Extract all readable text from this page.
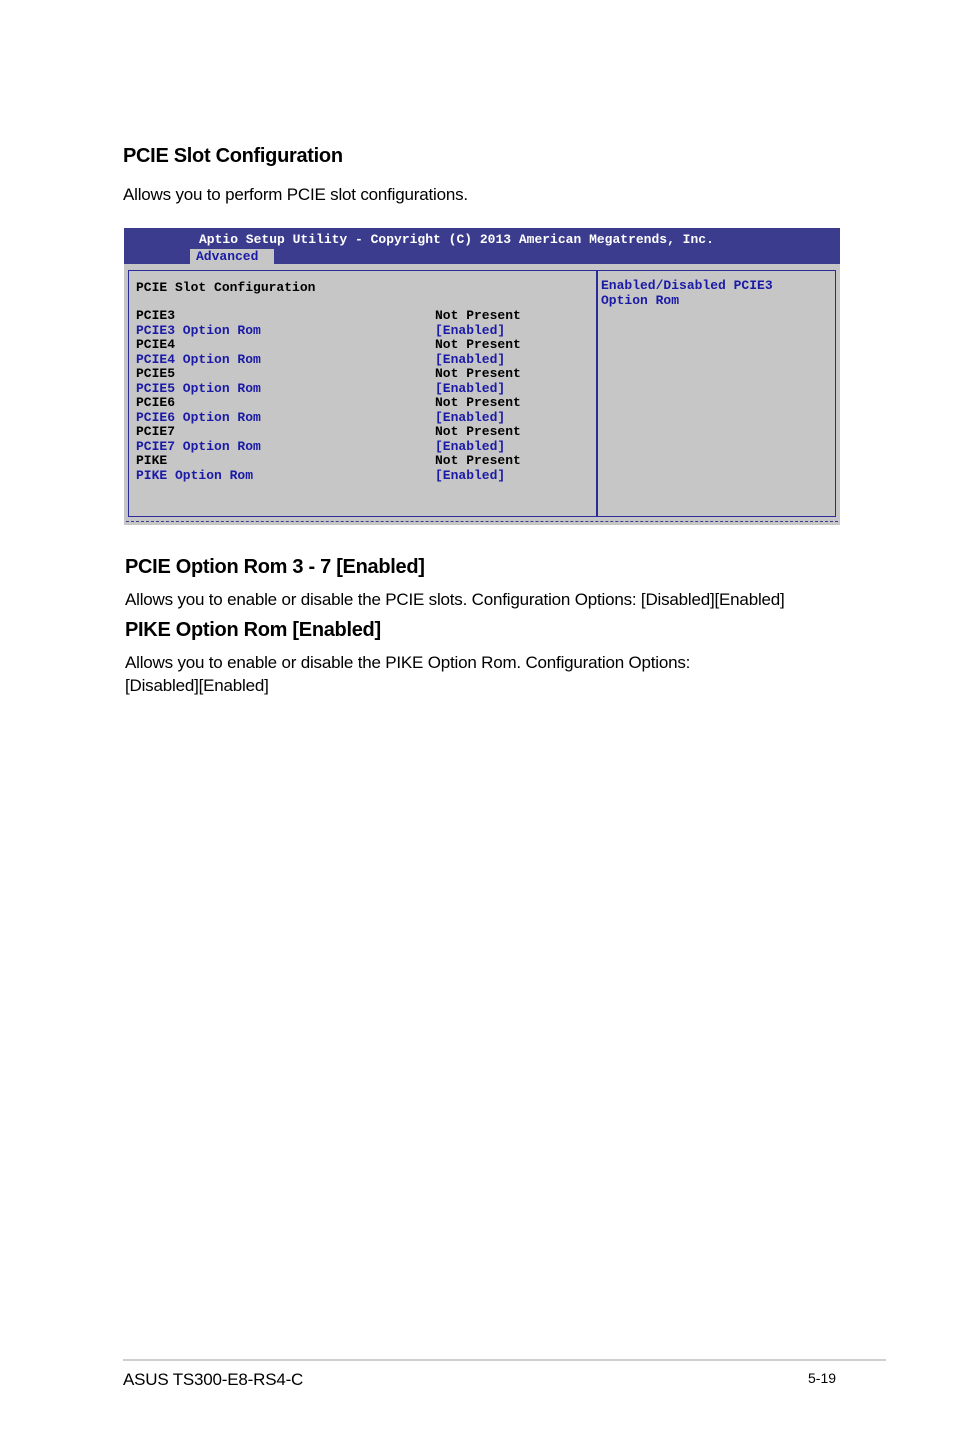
PCIE Slot Configuration
Allows you to perform PCIE slot configurations.
Aptio Setup Utility - Copyright (C) 2013 American Megatrends, Inc.
Advanced
PCIE Slot Configuration
PCIE3	Not Present
PCIE3 Option Rom	[Enabled]
PCIE4	Not Present
PCIE4 Option Rom	[Enabled]
PCIE5	Not Present
PCIE5 Option Rom	[Enabled]
PCIE6	Not Present
PCIE6 Option Rom	[Enabled]
PCIE7	Not Present
PCIE7 Option Rom	[Enabled]
PIKE	Not Present
PIKE Option Rom	[Enabled]
Enabled/Disabled PCIE3
Option Rom
PCIE Option Rom 3 - 7 [Enabled]
Allows you to enable or disable the PCIE slots. Configuration Options: [Disabled][Enabled]
PIKE Option Rom [Enabled]
Allows you to enable or disable the PIKE Option Rom. Configuration Options:
[Disabled][Enabled]
ASUS TS300-E8-RS4-C	5-19
